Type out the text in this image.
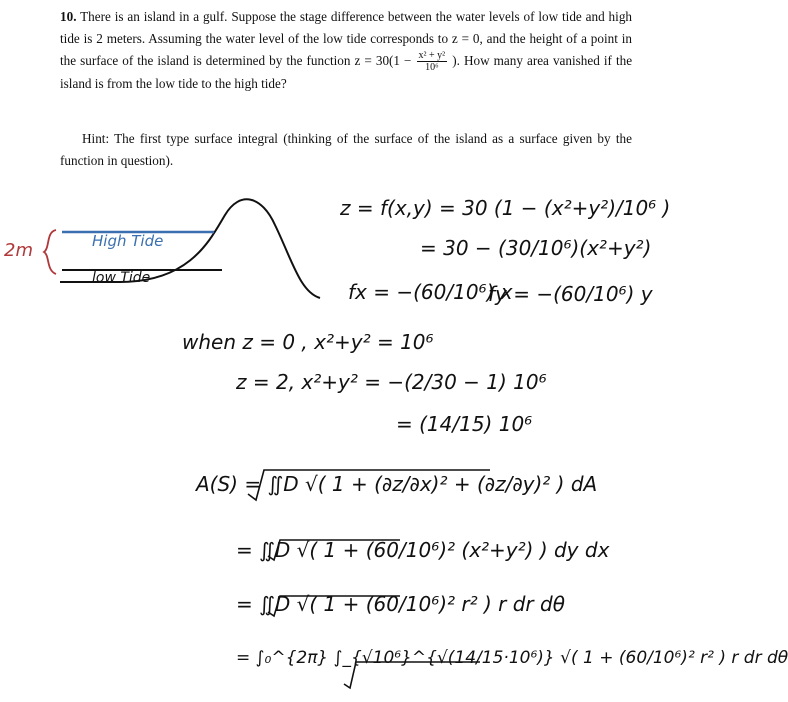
10. There is an island in a gulf. Suppose the stage difference between the water levels of low tide and high tide is 2 meters. Assuming the water level of the low tide corresponds to z = 0, and the height of a point in the surface of the island is determined by the function $z = 30(1 - \frac{\text{x² + y²}}{\text{10⁶}}$ ). How many area vanished if the island is from the low tide to the high tide?
Hint: The first type surface integral (thinking of the surface of the island as a surface given by the function in question).
2m	High Tide
low Tide
z = f(x,y) = 30 (1 − (x²+y²)/10⁶ )
= 30 − (30/10⁶)(x²+y²)
fx = −(60/10⁶) x
fy = −(60/10⁶) y
when z = 0 , x²+y² = 10⁶
z = 2, x²+y² = −(2/30 − 1) 10⁶
= (14/15) 10⁶
A(S) = ∬D √( 1 + (∂z/∂x)² + (∂z/∂y)² ) dA
= ∬D √( 1 + (60/10⁶)² (x²+y²) ) dy dx
= ∬D √( 1 + (60/10⁶)² r² ) r dr dθ
= ∫₀^{2π} ∫_{√10⁶}^{√(14/15·10⁶)} √( 1 + (60/10⁶)² r² ) r dr dθ
